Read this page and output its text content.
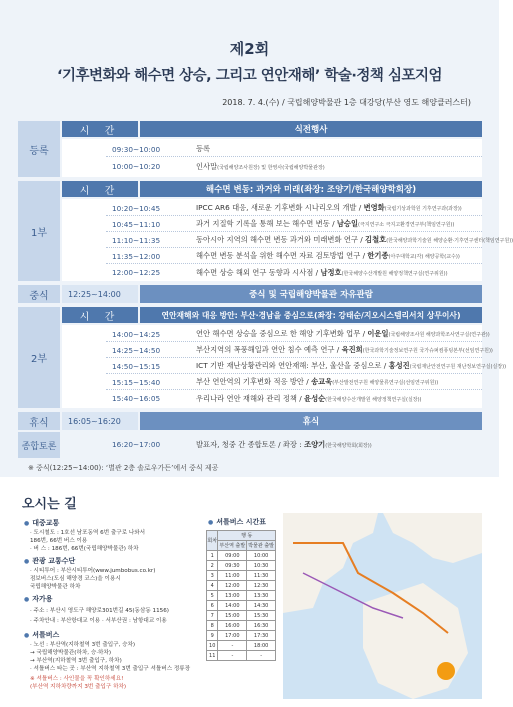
제2회
‘기후변화와 해수면 상승, 그리고 연안재해’ 학술·정책 심포지엄
2018. 7. 4.(수) / 국립해양박물관 1층 대강당(부산 영도 해양클러스터)
등록
시 간	식전행사
09:30~10:00	등록
10:00~10:20	인사말(국립해양조사원장) 및 한영사(국립해양박물관장)
1부
시 간	해수면 변동: 과거와 미래(좌장: 조양기/한국해양학회장)
10:20~10:45	IPCC AR6 대응, 새로운 기후변화 시나리오의 개발 / 변영화(국립기상과학원 기후연구과(과장))
10:45~11:10	과거 지질학 기록을 통해 보는 해수면 변동 / 남승일(극지연구소 극지고환경연구부(책임연구원))
11:10~11:35	동아시아 지역의 해수면 변동 과거와 미래변화 연구 / 김철호(한국해양과학기술원 해양순환·기후연구센터(책임연구원))
11:35~12:00	해수면 변동 분석을 위한 해수면 자료 검토방법 연구 / 한기종(아주대학교(각) 해양공학(교수))
12:00~12:25	해수면 상승 해외 연구 동향과 시사점 / 남정호(한국해양수산개발원 해양정책연구실(연구위원))
중식	12:25~14:00	중식 및 국립해양박물관 자유관람
2부
시 간	연안재해와 대응 방안: 부산·경남을 중심으로(좌장: 강태순/지오시스템리서치 상무이사)
14:00~14:25	연안 해수면 상승을 중심으로 한 해양 기후변화 업무 / 이운일(국립해양조사원 해양과학조사연구실(연구관))
14:25~14:50	부산지역의 폭풍해일과 연안 침수 예측 연구 / 육진희(한국과학기술정보연구원 국가슈퍼컴퓨팅본부(선임연구원))
14:50~15:15	ICT 기반 재난상황관리와 연안재해: 부산, 울산을 중심으로 / 홍성진(국립재난안전연구원 재난정보연구실(실장))
15:15~15:40	부산 연안역의 기후변화 적응 방안 / 송교욱(부산발전연구원 해양물류연구실(선임연구위원))
15:40~16:05	우리나라 연안 재해와 관리 정책 / 윤성순(한국해양수산개발원 해양정책연구실(실장))
휴식	16:05~16:20	휴식
※ 중식(12:25~14:00): ‘별관 2층 솔로우가든’에서 중식 제공
종합토론	16:20~17:00	발표자, 청중 간 종합토론 / 좌장 : 조양기(한국해양학회(회장))
오시는 길
● 대중교통
· 도시철도 : 1호선 남포동역 6번 출구로 나와서
186번, 66번 버스 이용
· 버 스 : 186번, 66번(국립해양박물관) 하차
● 관광 교통수단
· 시티투어 : 부산시티투어(www.jumbobus.co.kr)
점보버스(도심 해양경 코스)을 이용시
국립해양박물관 하차
● 자가용
· 주소 : 부산시 영도구 해양로301번길 45(동삼동 1156)
· 주차안내 : 부산항대교 이용 · 서부산권 : 남항대교 이용
● 셔틀버스
· 노선 : 부산역(지하철역 3번 출입구, 승차)
→ 국립해양박물관(하차, 승·하차)
→ 부산역(지하철역 3번 출입구, 하차)
· 셔틀버스 타는 곳 : 부산역 지하철역 3번 출입구 셔틀버스 정류장
※ 셔틀버스 : 사인물을 꼭 확인하세요!
(부산역 지하차량까지 3번 출입구 하차)
● 셔틀버스 시간표
회차	행 동	
	부산역 출발	박물관 출발
1	09:00	10:00
2	09:30	10:30
3	11:00	11:30
4	12:00	12:30
5	13:00	13:30
6	14:00	14:30
7	15:00	15:30
8	16:00	16:30
9	17:00	17:30
10	-	18:00
11	-	-
